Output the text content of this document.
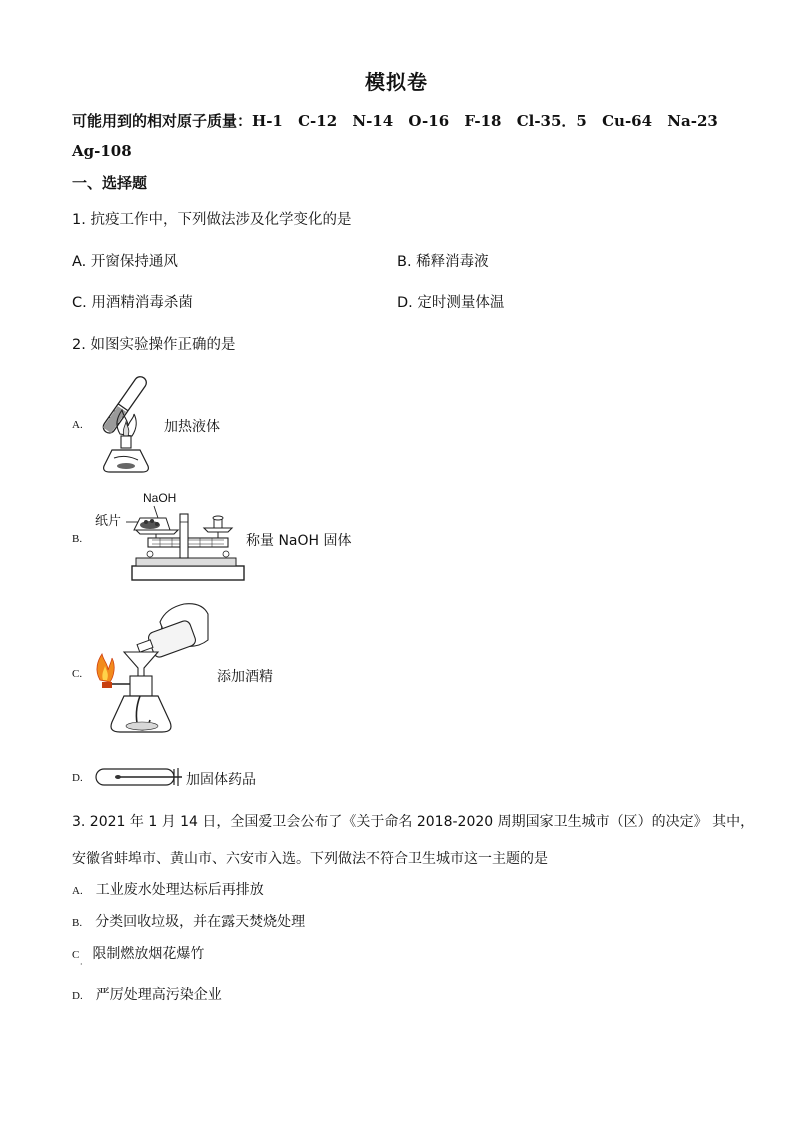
模拟卷
可能用到的相对原子质量：H-1 C-12 N-14 O-16 F-18 Cl-35．5 Cu-64 Na-23
Ag-108
一、选择题
1. 抗疫工作中，下列做法涉及化学变化的是
A. 开窗保持通风	B. 稀释消毒液
C. 用酒精消毒杀菌	D. 定时测量体温
2. 如图实验操作正确的是
A.	加热液体
B.
NaOH
纸片
称量 NaOH 固体
C.	添加酒精
D.	加固体药品
3. 2021 年 1 月 14 日，全国爱卫会公布了《关于命名 2018-2020 周期国家卫生城市（区）的决定》 其中，
安徽省蚌埠市、黄山市、六安市入选。下列做法不符合卫生城市这一主题的是
A. 工业废水处理达标后再排放
B. 分类回收垃圾，并在露天焚烧处理
C 限制燃放烟花爆竹
·
D. 严厉处理高污染企业
